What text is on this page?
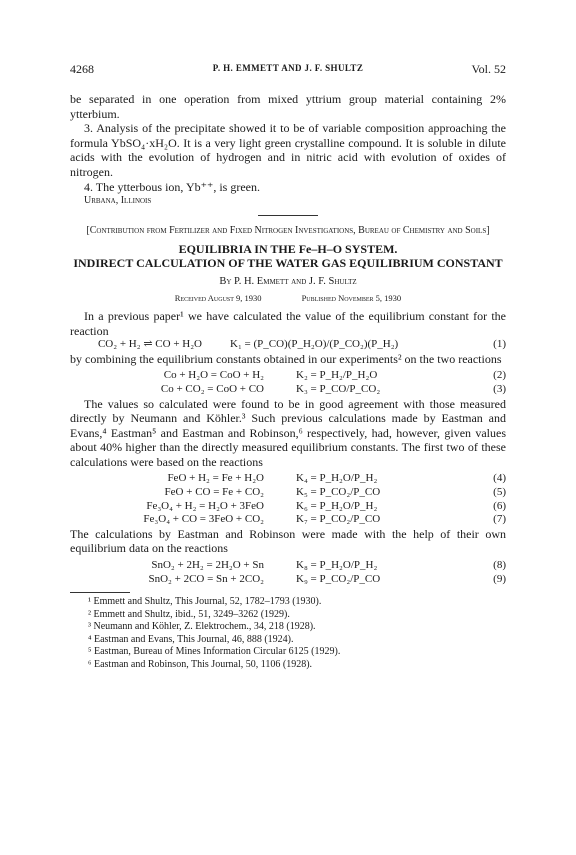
4268	P. H. EMMETT AND J. F. SHULTZ	Vol. 52

be separated in one operation from mixed yttrium group material containing 2% ytterbium.

3. Analysis of the precipitate showed it to be of variable composition approaching the formula YbSO₄·xH₂O. It is a very light green crystalline compound. It is soluble in dilute acids with the evolution of hydrogen and in nitric acid with evolution of oxides of nitrogen.

4. The ytterbous ion, Yb⁺⁺, is green.

Urbana, Illinois
[Contribution from Fertilizer and Fixed Nitrogen Investigations, Bureau of Chemistry and Soils]
EQUILIBRIA IN THE Fe–H–O SYSTEM.
INDIRECT CALCULATION OF THE WATER GAS EQUILIBRIUM CONSTANT
By P. H. Emmett and J. F. Shultz
Received August 9, 1930	Published November 5, 1930

In a previous paper¹ we have calculated the value of the equilibrium constant for the reaction

CO₂ + H₂ ⇌ CO + H₂O	K₁ = (P_CO)(P_H₂O)/(P_CO₂)(P_H₂)	(1)

by combining the equilibrium constants obtained in our experiments² on the two reactions

Co + H₂O = CoO + H₂	K₂ = P_H₂/P_H₂O	(2)
Co + CO₂ = CoO + CO	K₃ = P_CO/P_CO₂	(3)

The values so calculated were found to be in good agreement with those measured directly by Neumann and Köhler.³ Such previous calculations made by Eastman and Evans,⁴ Eastman⁵ and Eastman and Robinson,⁶ respectively, had, however, given values about 40% higher than the directly measured equilibrium constants. The first two of these calculations were based on the reactions

FeO + H₂ = Fe + H₂O	K₄ = P_H₂O/P_H₂	(4)
FeO + CO = Fe + CO₂	K₅ = P_CO₂/P_CO	(5)
Fe₃O₄ + H₂ = H₂O + 3FeO	K₆ = P_H₂O/P_H₂	(6)
Fe₃O₄ + CO = 3FeO + CO₂	K₇ = P_CO₂/P_CO	(7)

The calculations by Eastman and Robinson were made with the help of their own equilibrium data on the reactions

SnO₂ + 2H₂ = 2H₂O + Sn	K₈ = P_H₂O/P_H₂	(8)
SnO₂ + 2CO = Sn + 2CO₂	K₉ = P_CO₂/P_CO	(9)
¹ Emmett and Shultz, This Journal, 52, 1782–1793 (1930).
² Emmett and Shultz, ibid., 51, 3249–3262 (1929).
³ Neumann and Köhler, Z. Elektrochem., 34, 218 (1928).
⁴ Eastman and Evans, This Journal, 46, 888 (1924).
⁵ Eastman, Bureau of Mines Information Circular 6125 (1929).
⁶ Eastman and Robinson, This Journal, 50, 1106 (1928).
